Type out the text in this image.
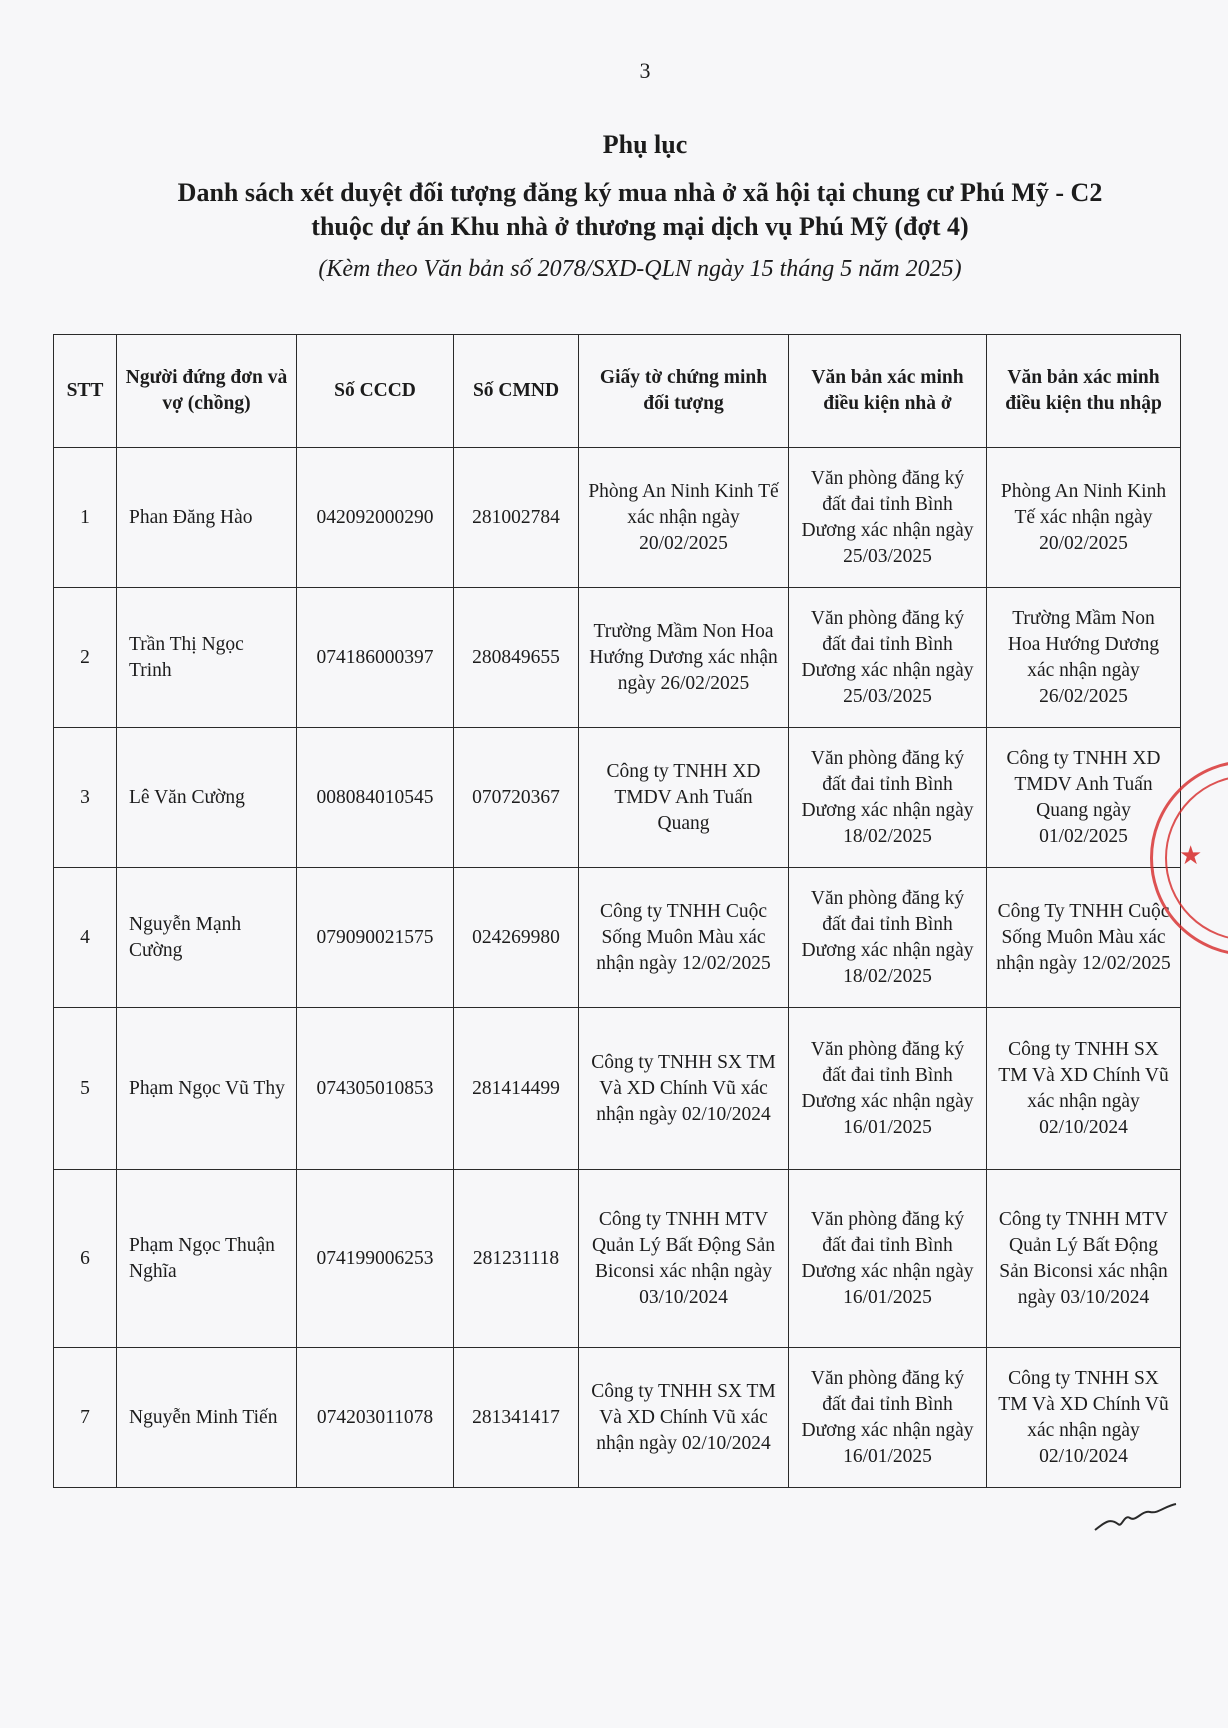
3
Phụ lục
Danh sách xét duyệt đối tượng đăng ký mua nhà ở xã hội tại chung cư Phú Mỹ - C2 thuộc dự án Khu nhà ở thương mại dịch vụ Phú Mỹ (đợt 4)
(Kèm theo Văn bản số 2078/SXD-QLN ngày 15 tháng 5 năm 2025)
STT	Người đứng đơn và vợ (chồng)	Số CCCD	Số CMND	Giấy tờ chứng minh đối tượng	Văn bản xác minh điều kiện nhà ở	Văn bản xác minh điều kiện thu nhập
1	Phan Đăng Hào	042092000290	281002784	Phòng An Ninh Kinh Tế xác nhận ngày 20/02/2025	Văn phòng đăng ký đất đai tỉnh Bình Dương xác nhận ngày 25/03/2025	Phòng An Ninh Kinh Tế xác nhận ngày 20/02/2025
2	Trần Thị Ngọc Trinh	074186000397	280849655	Trường Mầm Non Hoa Hướng Dương xác nhận ngày 26/02/2025	Văn phòng đăng ký đất đai tỉnh Bình Dương xác nhận ngày 25/03/2025	Trường Mầm Non Hoa Hướng Dương xác nhận ngày 26/02/2025
3	Lê Văn Cường	008084010545	070720367	Công ty TNHH XD TMDV Anh Tuấn Quang	Văn phòng đăng ký đất đai tỉnh Bình Dương xác nhận ngày 18/02/2025	Công ty TNHH XD TMDV Anh Tuấn Quang ngày 01/02/2025
4	Nguyễn Mạnh Cường	079090021575	024269980	Công ty TNHH Cuộc Sống Muôn Màu xác nhận ngày 12/02/2025	Văn phòng đăng ký đất đai tỉnh Bình Dương xác nhận ngày 18/02/2025	Công Ty TNHH Cuộc Sống Muôn Màu xác nhận ngày 12/02/2025
5	Phạm Ngọc Vũ Thy	074305010853	281414499	Công ty TNHH SX TM Và XD Chính Vũ xác nhận ngày 02/10/2024	Văn phòng đăng ký đất đai tỉnh Bình Dương xác nhận ngày 16/01/2025	Công ty TNHH SX TM Và XD Chính Vũ xác nhận ngày 02/10/2024
6	Phạm Ngọc Thuận Nghĩa	074199006253	281231118	Công ty TNHH MTV Quản Lý Bất Động Sản Biconsi xác nhận ngày 03/10/2024	Văn phòng đăng ký đất đai tỉnh Bình Dương xác nhận ngày 16/01/2025	Công ty TNHH MTV Quản Lý Bất Động Sản Biconsi xác nhận ngày 03/10/2024
7	Nguyễn Minh Tiến	074203011078	281341417	Công ty TNHH SX TM Và XD Chính Vũ xác nhận ngày 02/10/2024	Văn phòng đăng ký đất đai tỉnh Bình Dương xác nhận ngày 16/01/2025	Công ty TNHH SX TM Và XD Chính Vũ xác nhận ngày 02/10/2024
★
